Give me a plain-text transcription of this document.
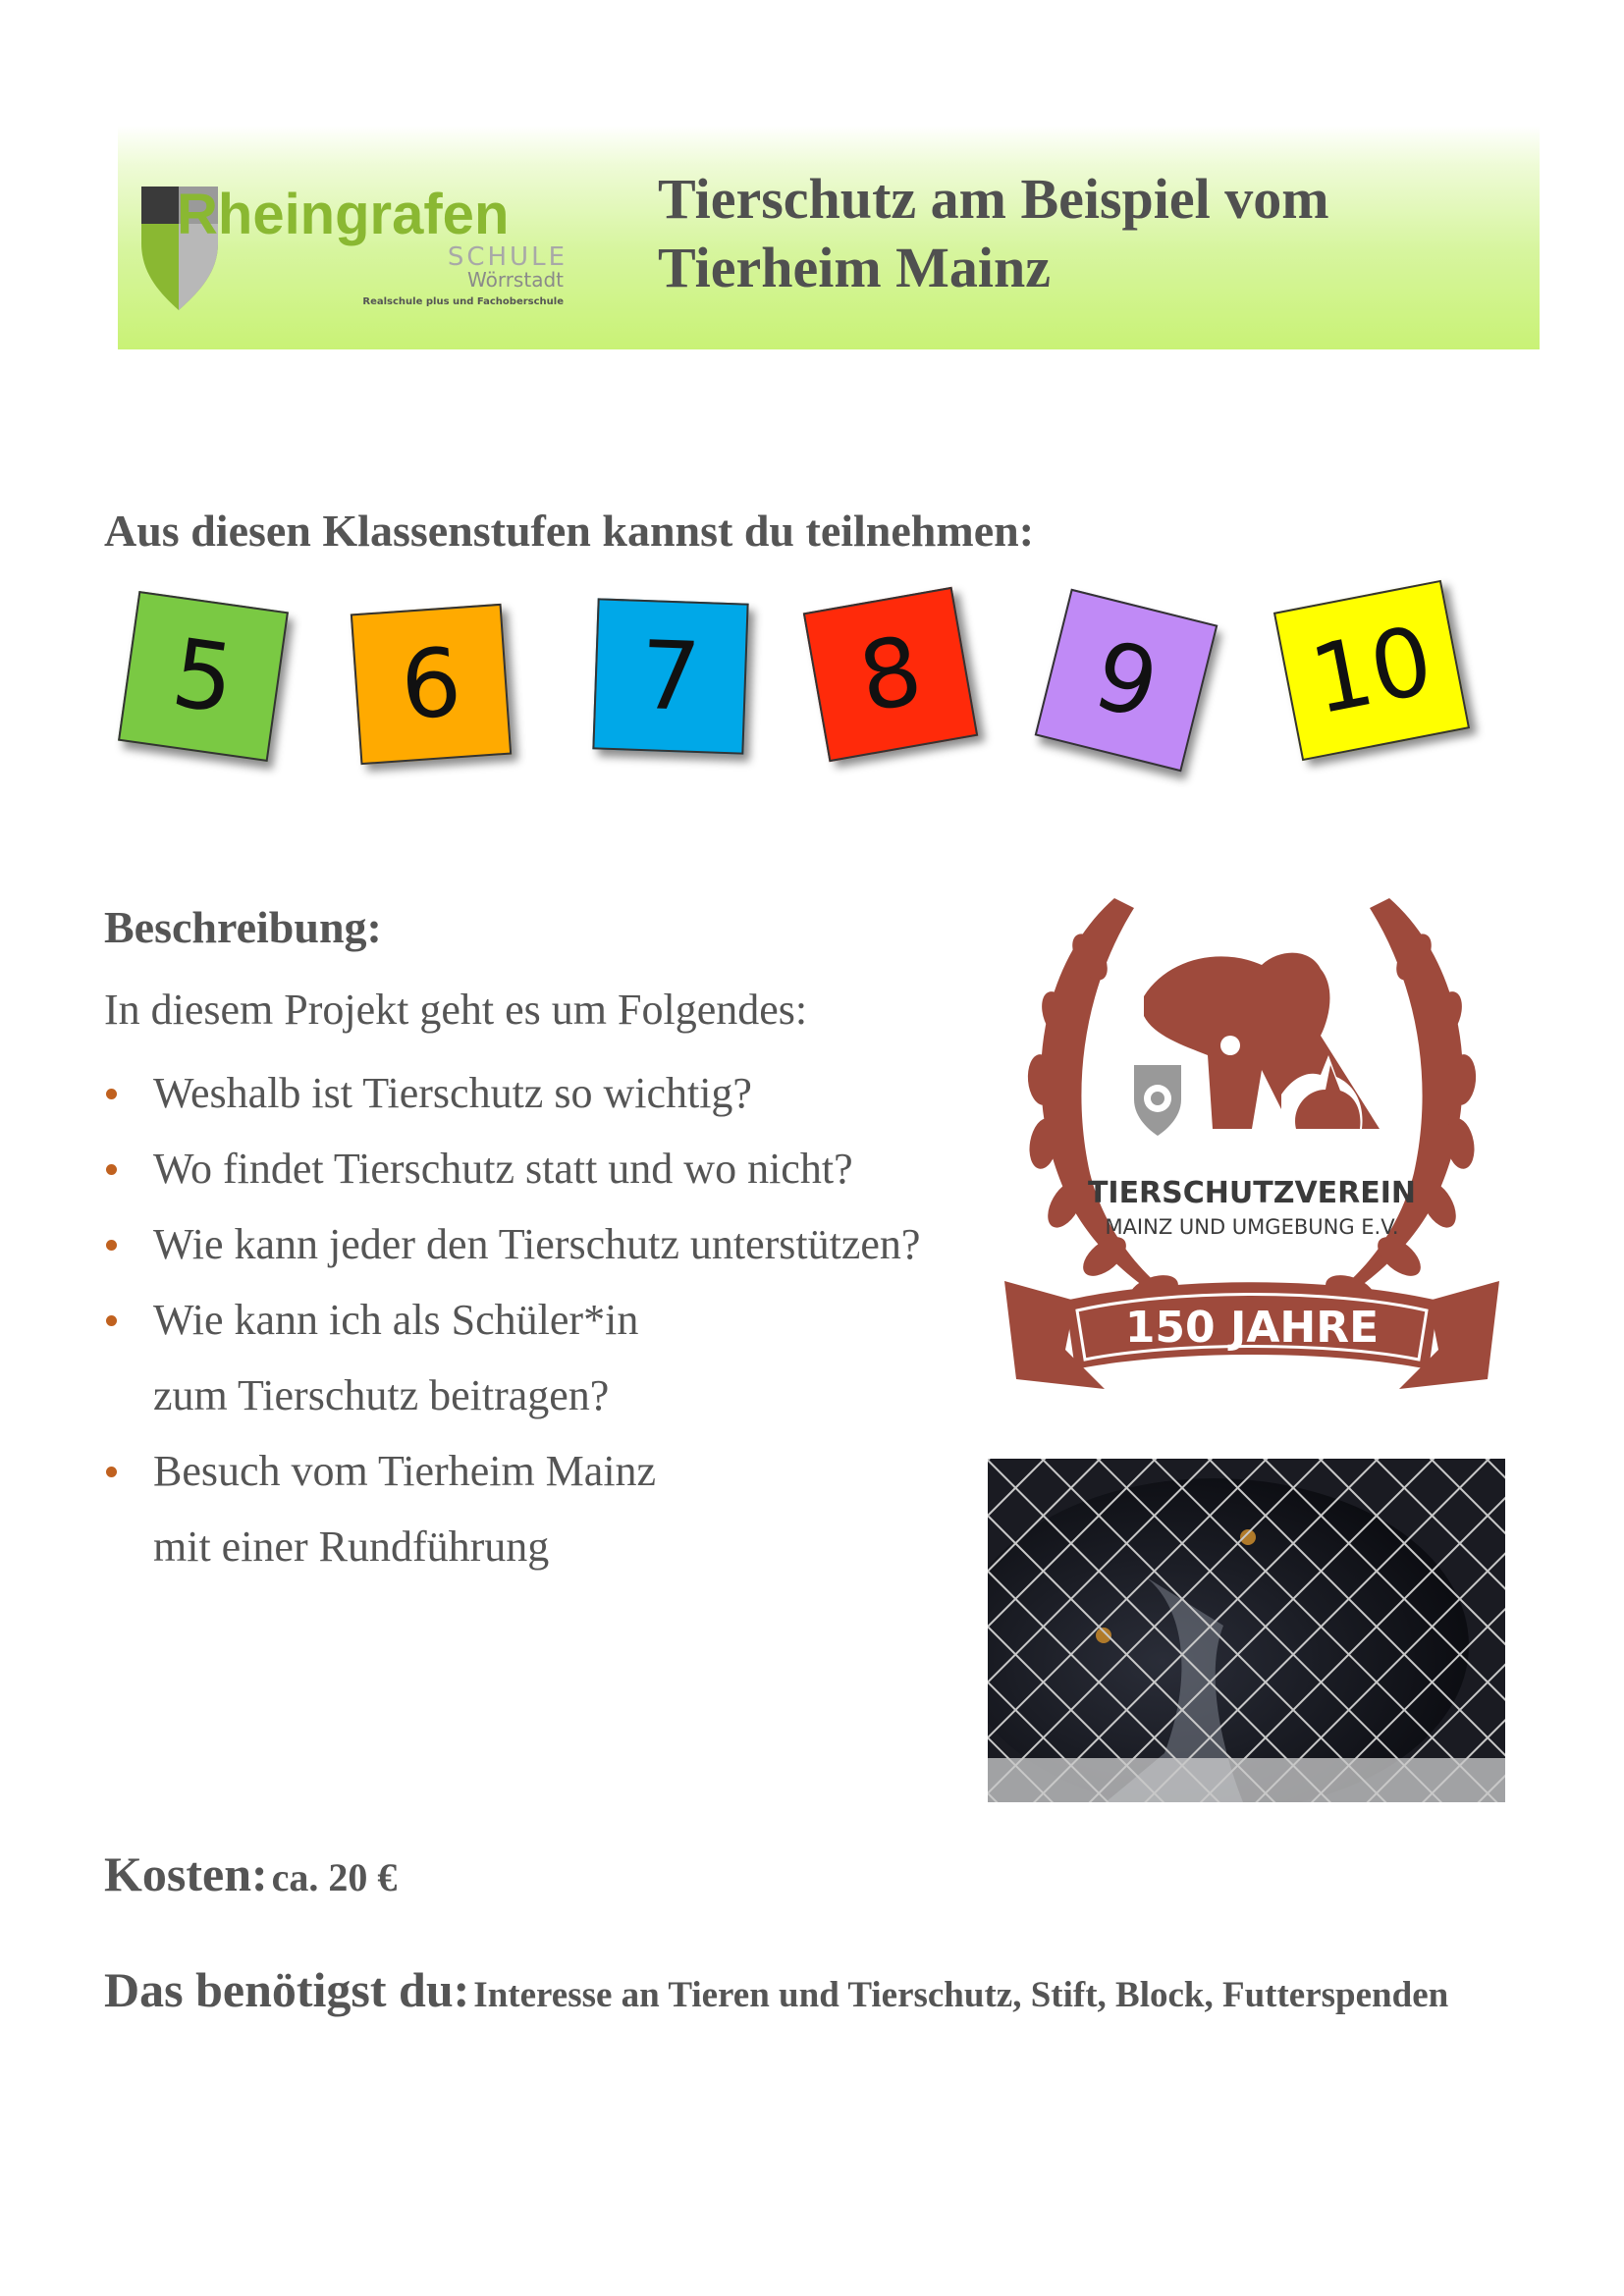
Rheingrafen
SCHULE
Wörrstadt
Realschule plus und Fachoberschule
Tierschutz am Beispiel vom
Tierheim Mainz
Aus diesen Klassenstufen kannst du teilnehmen:
5 6 7 8 9 10
Beschreibung:
In diesem Projekt geht es um Folgendes:
Weshalb ist Tierschutz so wichtig?
Wo findet Tierschutz statt und wo nicht?
Wie kann jeder den Tierschutz unterstützen?
Wie kann ich als Schüler*in zum Tierschutz beitragen?
Besuch vom Tierheim Mainz mit einer Rundführung
TIERSCHUTZVEREIN
MAINZ UND UMGEBUNG E.V.
150 JAHRE
Kosten: ca. 20 €
Das benötigst du: Interesse an Tieren und Tierschutz, Stift, Block, Futterspenden
